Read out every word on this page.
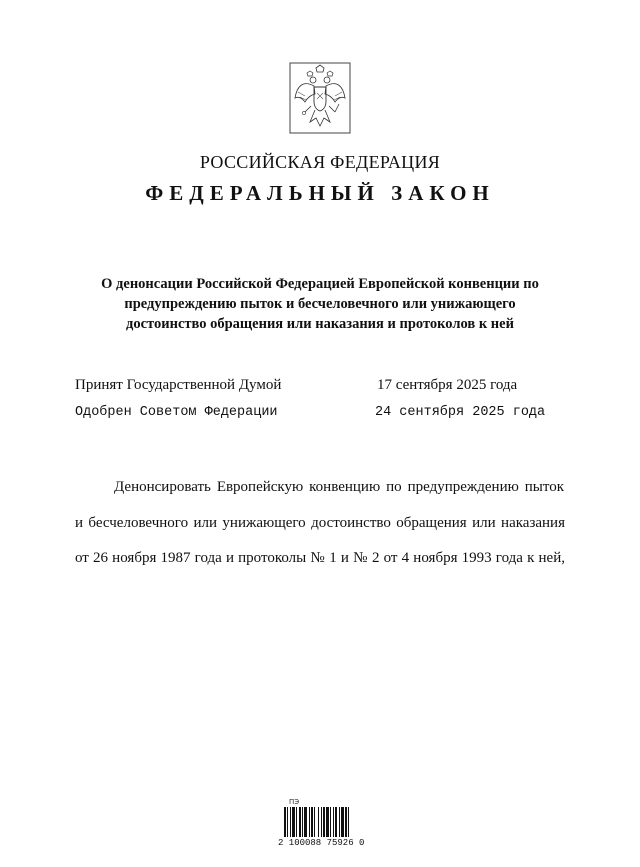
РОССИЙСКАЯ ФЕДЕРАЦИЯ
ФЕДЕРАЛЬНЫЙ ЗАКОН
О денонсации Российской Федерацией Европейской конвенции по
предупреждению пыток и бесчеловечного или унижающего
достоинство обращения или наказания и протоколов к ней
Принят Государственной Думой	17 сентября 2025 года
Одобрен Советом Федерации	24 сентября 2025 года
Денонсировать Европейскую конвенцию по предупреждению пыток
и бесчеловечного или унижающего достоинство обращения или наказания
от 26 ноября 1987 года и протоколы № 1 и № 2 от 4 ноября 1993 года к ней,
ПЭ
2 100088 75926 0
